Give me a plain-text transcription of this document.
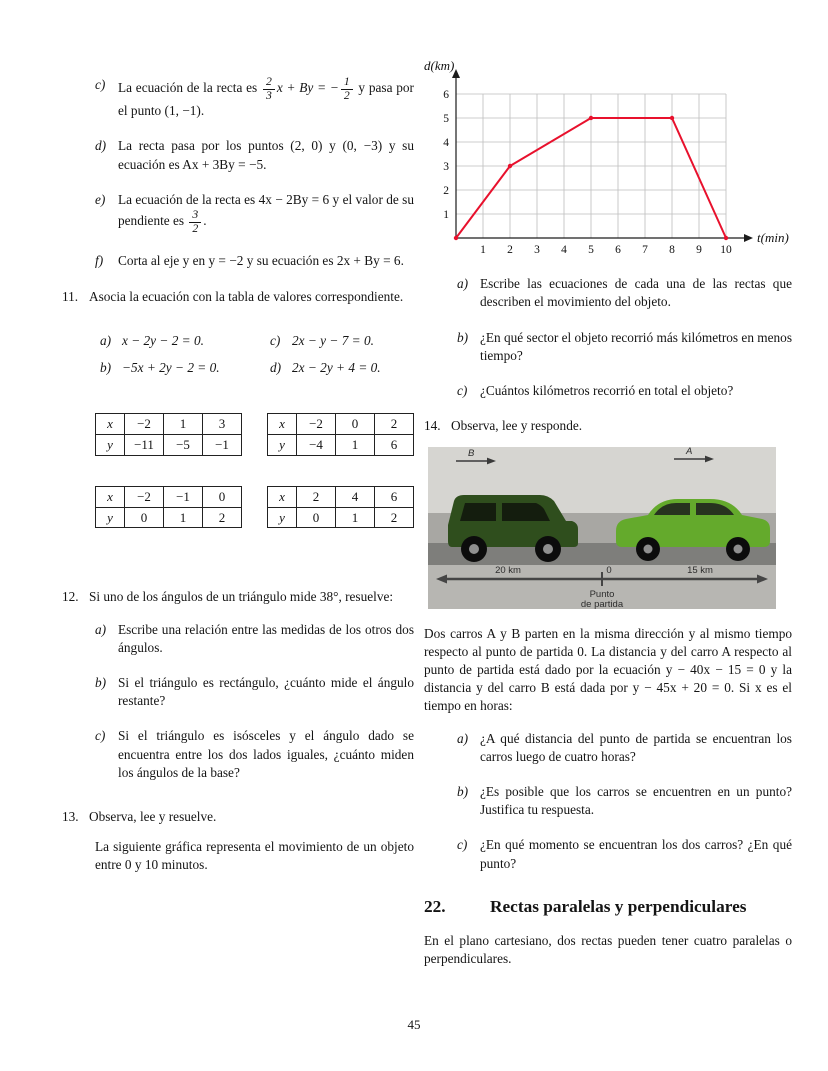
c) La ecuación de la recta es $\frac{2}{3}$ x + By = − $\frac{1}{2}$ y pasa por el punto (1, −1).
d) La recta pasa por los puntos (2, 0) y (0, −3) y su ecuación es Ax + 3By = −5.
e) La ecuación de la recta es 4x − 2By = 6 y el valor de su pendiente es $\frac{3}{2}$ .
f)	Corta al eje y en y = −2 y su ecuación es 2x + By = 6.
11. Asocia la ecuación con la tabla de valores correspondiente.
a) x − 2y − 2 = 0.	c) 2x − y − 7 = 0.
b) −5x + 2y − 2 = 0.	d) 2x − 2y + 4 = 0.
x	−2	1	3
y	−11	−5	−1
x	−2	0	2
y	−4	1	6
x	−2	−1	0
y	0	1	2
x	2	4	6
y	0	1	2
12. Si uno de los ángulos de un triángulo mide 38°, resuelve:
a) Escribe una relación entre las medidas de los otros dos ángulos.
b) Si el triángulo es rectángulo, ¿cuánto mide el ángulo restante?
c) Si el triángulo es isósceles y el ángulo dado se encuentra entre los dos lados iguales, ¿cuánto miden los ángulos de la base?
13. Observa, lee y resuelve.
La siguiente gráfica representa el movimiento de un objeto entre 0 y 10 minutos.
1 2 3 4 5 6 7 8 9 10
1
2
3
4
5
6
d(km)
t(min)
a) Escribe las ecuaciones de cada una de las rectas que describen el movimiento del objeto.
b) ¿En qué sector el objeto recorrió más kilómetros en menos tiempo?
c) ¿Cuántos kilómetros recorrió en total el objeto?
14. Observa, lee y responde.
B	A
20 km	0	15 km
Punto
de partida
Dos carros A y B parten en la misma dirección y al mismo tiempo respecto al punto de partida 0. La distancia y del carro A respecto al punto de partida está dado por la ecuación y − 40x − 15 = 0 y la distancia y del carro B está dada por y − 45x + 20 = 0. Si x es el tiempo en horas:
a) ¿A qué distancia del punto de partida se encuentran los carros luego de cuatro horas?
b) ¿Es posible que los carros se encuentren en un punto? Justifica tu respuesta.
c) ¿En qué momento se encuentran los dos carros? ¿En qué punto?
22.	Rectas paralelas y perpendiculares
En el plano cartesiano, dos rectas pueden tener cuatro paralelas o perpendiculares.
45
